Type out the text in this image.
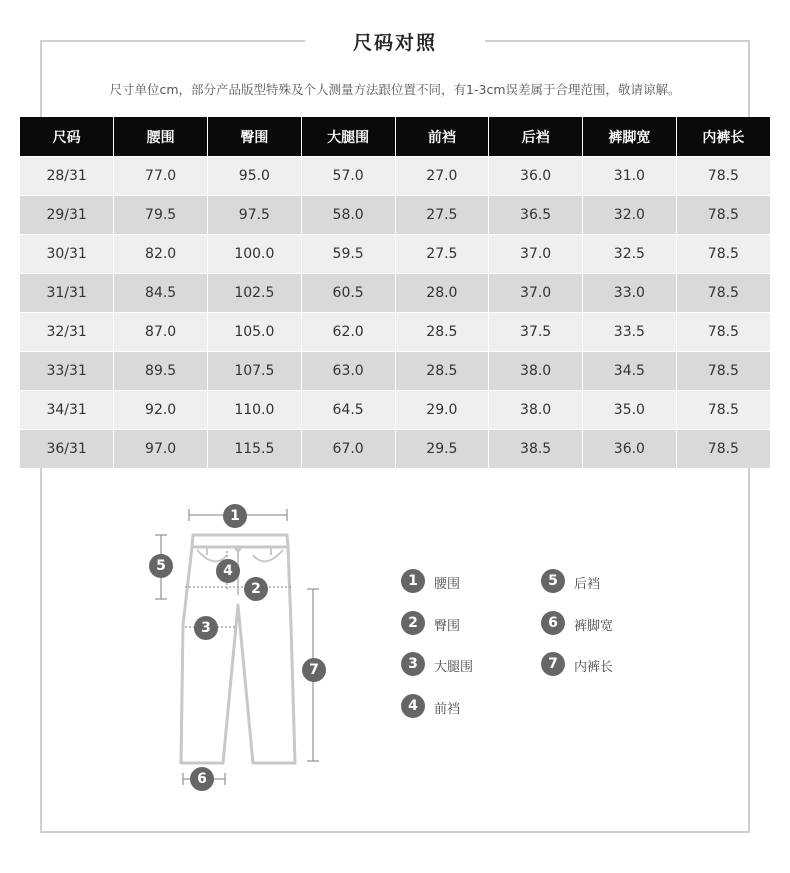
尺码对照
尺寸单位cm，部分产品版型特殊及个人测量方法跟位置不同，有1-3cm误差属于合理范围，敬请谅解。
尺码	腰围	臀围	大腿围	前裆	后裆	裤脚宽	内裤长
28/31	77.0	95.0	57.0	27.0	36.0	31.0	78.5
29/31	79.5	97.5	58.0	27.5	36.5	32.0	78.5
30/31	82.0	100.0	59.5	27.5	37.0	32.5	78.5
31/31	84.5	102.5	60.5	28.0	37.0	33.0	78.5
32/31	87.0	105.0	62.0	28.5	37.5	33.5	78.5
33/31	89.5	107.5	63.0	28.5	38.0	34.5	78.5
34/31	92.0	110.0	64.5	29.0	38.0	35.0	78.5
36/31	97.0	115.5	67.0	29.5	38.5	36.0	78.5
1
2
3
4
5
6
7
1	腰围
2	臀围
3	大腿围
4	前裆
5	后裆
6	裤脚宽
7	内裤长
